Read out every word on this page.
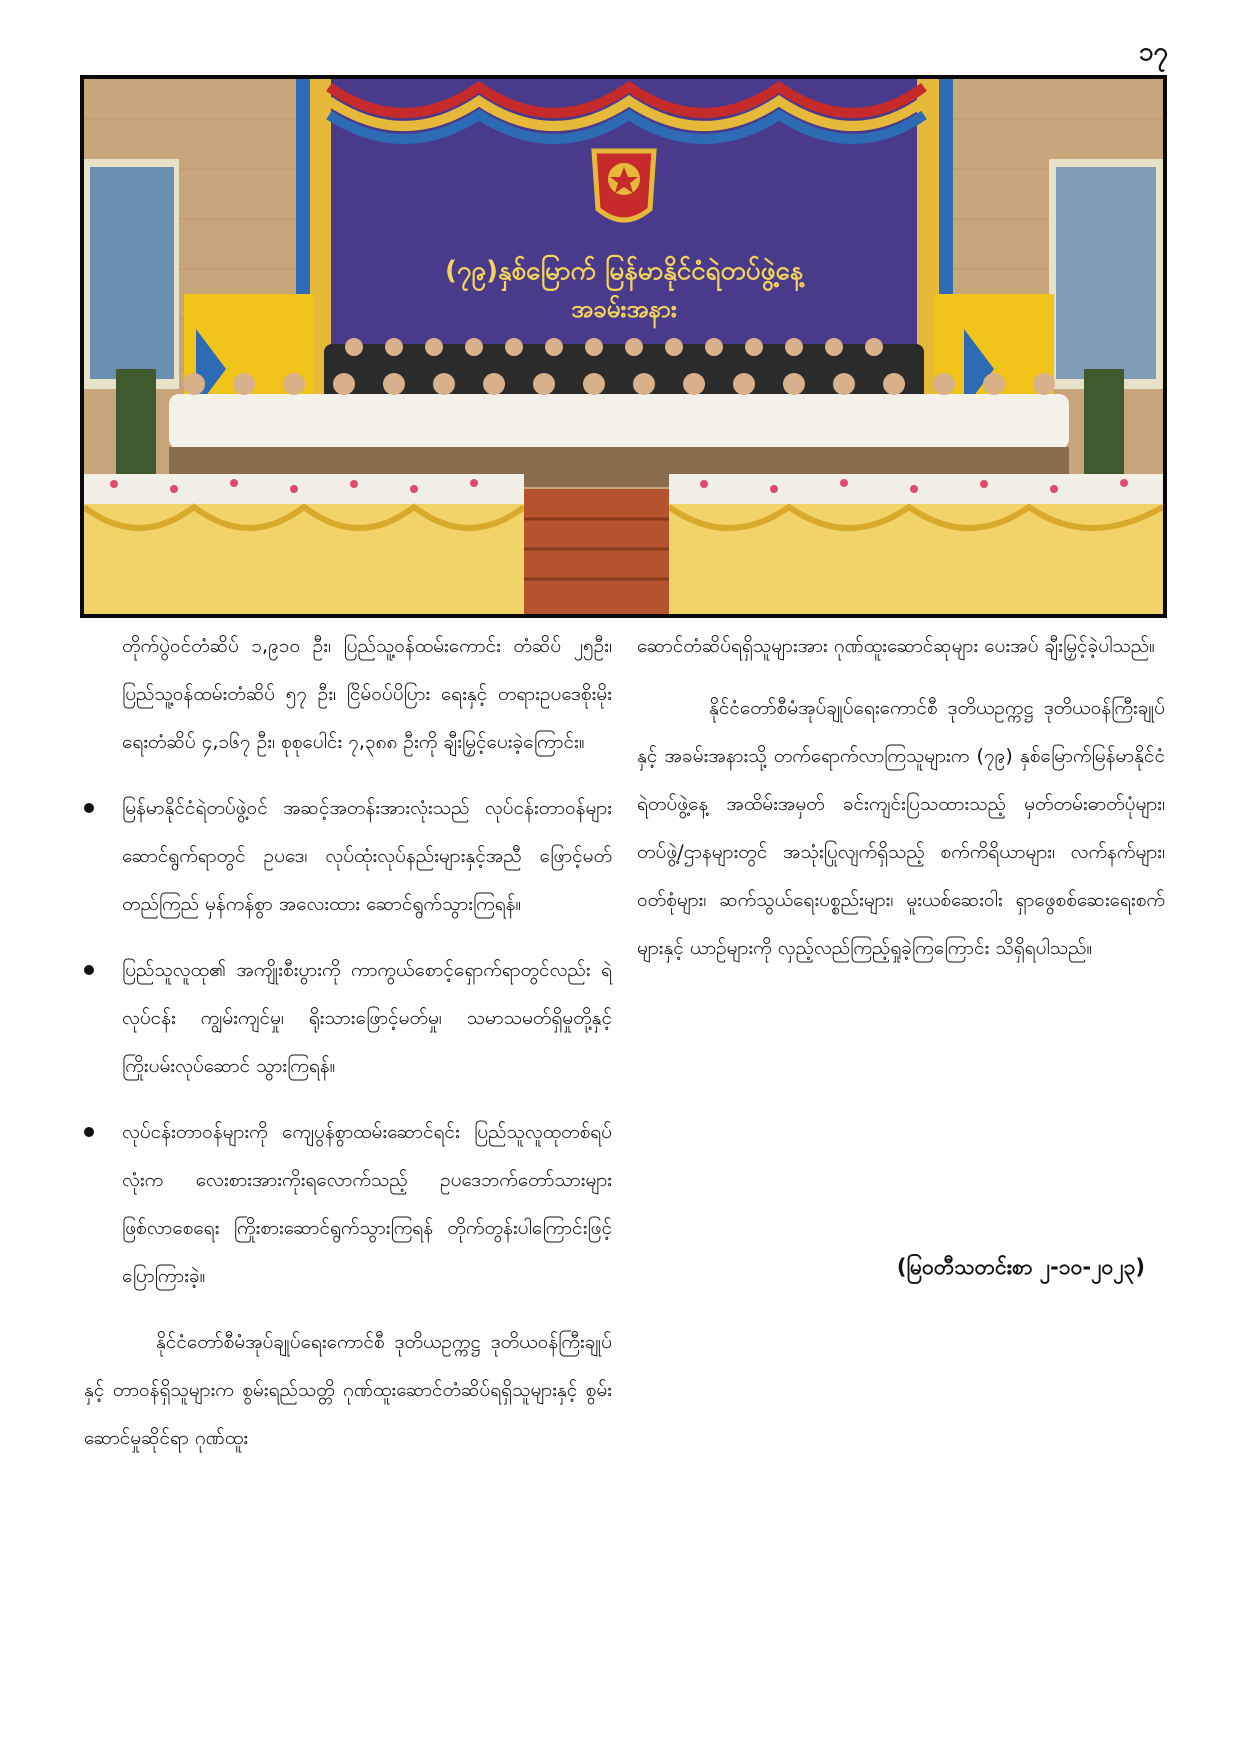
၁၇
(၇၉)နှစ်မြောက် မြန်မာနိုင်ငံရဲတပ်ဖွဲ့နေ့
အခမ်းအနား

တိုက်ပွဲဝင်တံဆိပ် ၁,၉၁၀ ဦး၊ ပြည်သူ့ဝန်ထမ်းကောင်း တံဆိပ် ၂၅ဦး၊ ပြည်သူ့ဝန်ထမ်းတံဆိပ် ၅၇ ဦး၊ ငြိမ်ဝပ်ပိပြား ရေးနှင့် တရားဥပဒေစိုးမိုးရေးတံဆိပ် ၄,၁၆၇ ဦး၊ စုစုပေါင်း ၇,၃၈၈ ဦးကို ချီးမြှင့်ပေးခဲ့ကြောင်း။

မြန်မာနိုင်ငံရဲတပ်ဖွဲ့ဝင် အဆင့်အတန်းအားလုံးသည် လုပ်ငန်းတာဝန်များ ဆောင်ရွက်ရာတွင် ဥပဒေ၊ လုပ်ထုံးလုပ်နည်းများနှင့်အညီ ဖြောင့်မတ်တည်ကြည် မှန်ကန်စွာ အလေးထား ဆောင်ရွက်သွားကြရန်။
ပြည်သူလူထု၏ အကျိုးစီးပွားကို ကာကွယ်စောင့်ရှောက်ရာတွင်လည်း ရဲလုပ်ငန်း ကျွမ်းကျင်မှု၊ ရိုးသားဖြောင့်မတ်မှု၊ သမာသမတ်ရှိမှုတို့နှင့် ကြိုးပမ်းလုပ်ဆောင် သွားကြရန်။
လုပ်ငန်းတာဝန်များကို ကျေပွန်စွာထမ်းဆောင်ရင်း ပြည်သူလူထုတစ်ရပ်လုံးက လေးစားအားကိုးရလောက်သည့် ဥပဒေဘက်တော်သားများ ဖြစ်လာစေရေး ကြိုးစားဆောင်ရွက်သွားကြရန် တိုက်တွန်းပါကြောင်းဖြင့် ပြောကြားခဲ့။

နိုင်ငံတော်စီမံအုပ်ချုပ်ရေးကောင်စီ ဒုတိယဥက္ကဋ္ဌ ဒုတိယဝန်ကြီးချုပ်နှင့် တာဝန်ရှိသူများက စွမ်းရည်သတ္တိ ဂုဏ်ထူးဆောင်တံဆိပ်ရရှိသူများနှင့် စွမ်းဆောင်မှုဆိုင်ရာ ဂုဏ်ထူး

ဆောင်တံဆိပ်ရရှိသူများအား ဂုဏ်ထူးဆောင်ဆုများ ပေးအပ် ချီးမြှင့်ခဲ့ပါသည်။

နိုင်ငံတော်စီမံအုပ်ချုပ်ရေးကောင်စီ ဒုတိယဥက္ကဋ္ဌ ဒုတိယဝန်ကြီးချုပ်နှင့် အခမ်းအနားသို့ တက်ရောက်လာကြသူများက (၇၉) နှစ်မြောက်မြန်မာနိုင်ငံရဲတပ်ဖွဲ့နေ့ အထိမ်းအမှတ် ခင်းကျင်းပြသထားသည့် မှတ်တမ်းဓာတ်ပုံများ၊ တပ်ဖွဲ့/ဌာနများတွင် အသုံးပြုလျက်ရှိသည့် စက်ကိရိယာများ၊ လက်နက်များ၊ ဝတ်စုံများ၊ ဆက်သွယ်ရေးပစ္စည်းများ၊ မူးယစ်ဆေးဝါး ရှာဖွေစစ်ဆေးရေးစက်များနှင့် ယာဉ်များကို လှည့်လည်ကြည့်ရှုခဲ့ကြကြောင်း သိရှိရပါသည်။

(မြဝတီသတင်းစာ ၂-၁၀-၂၀၂၃)
